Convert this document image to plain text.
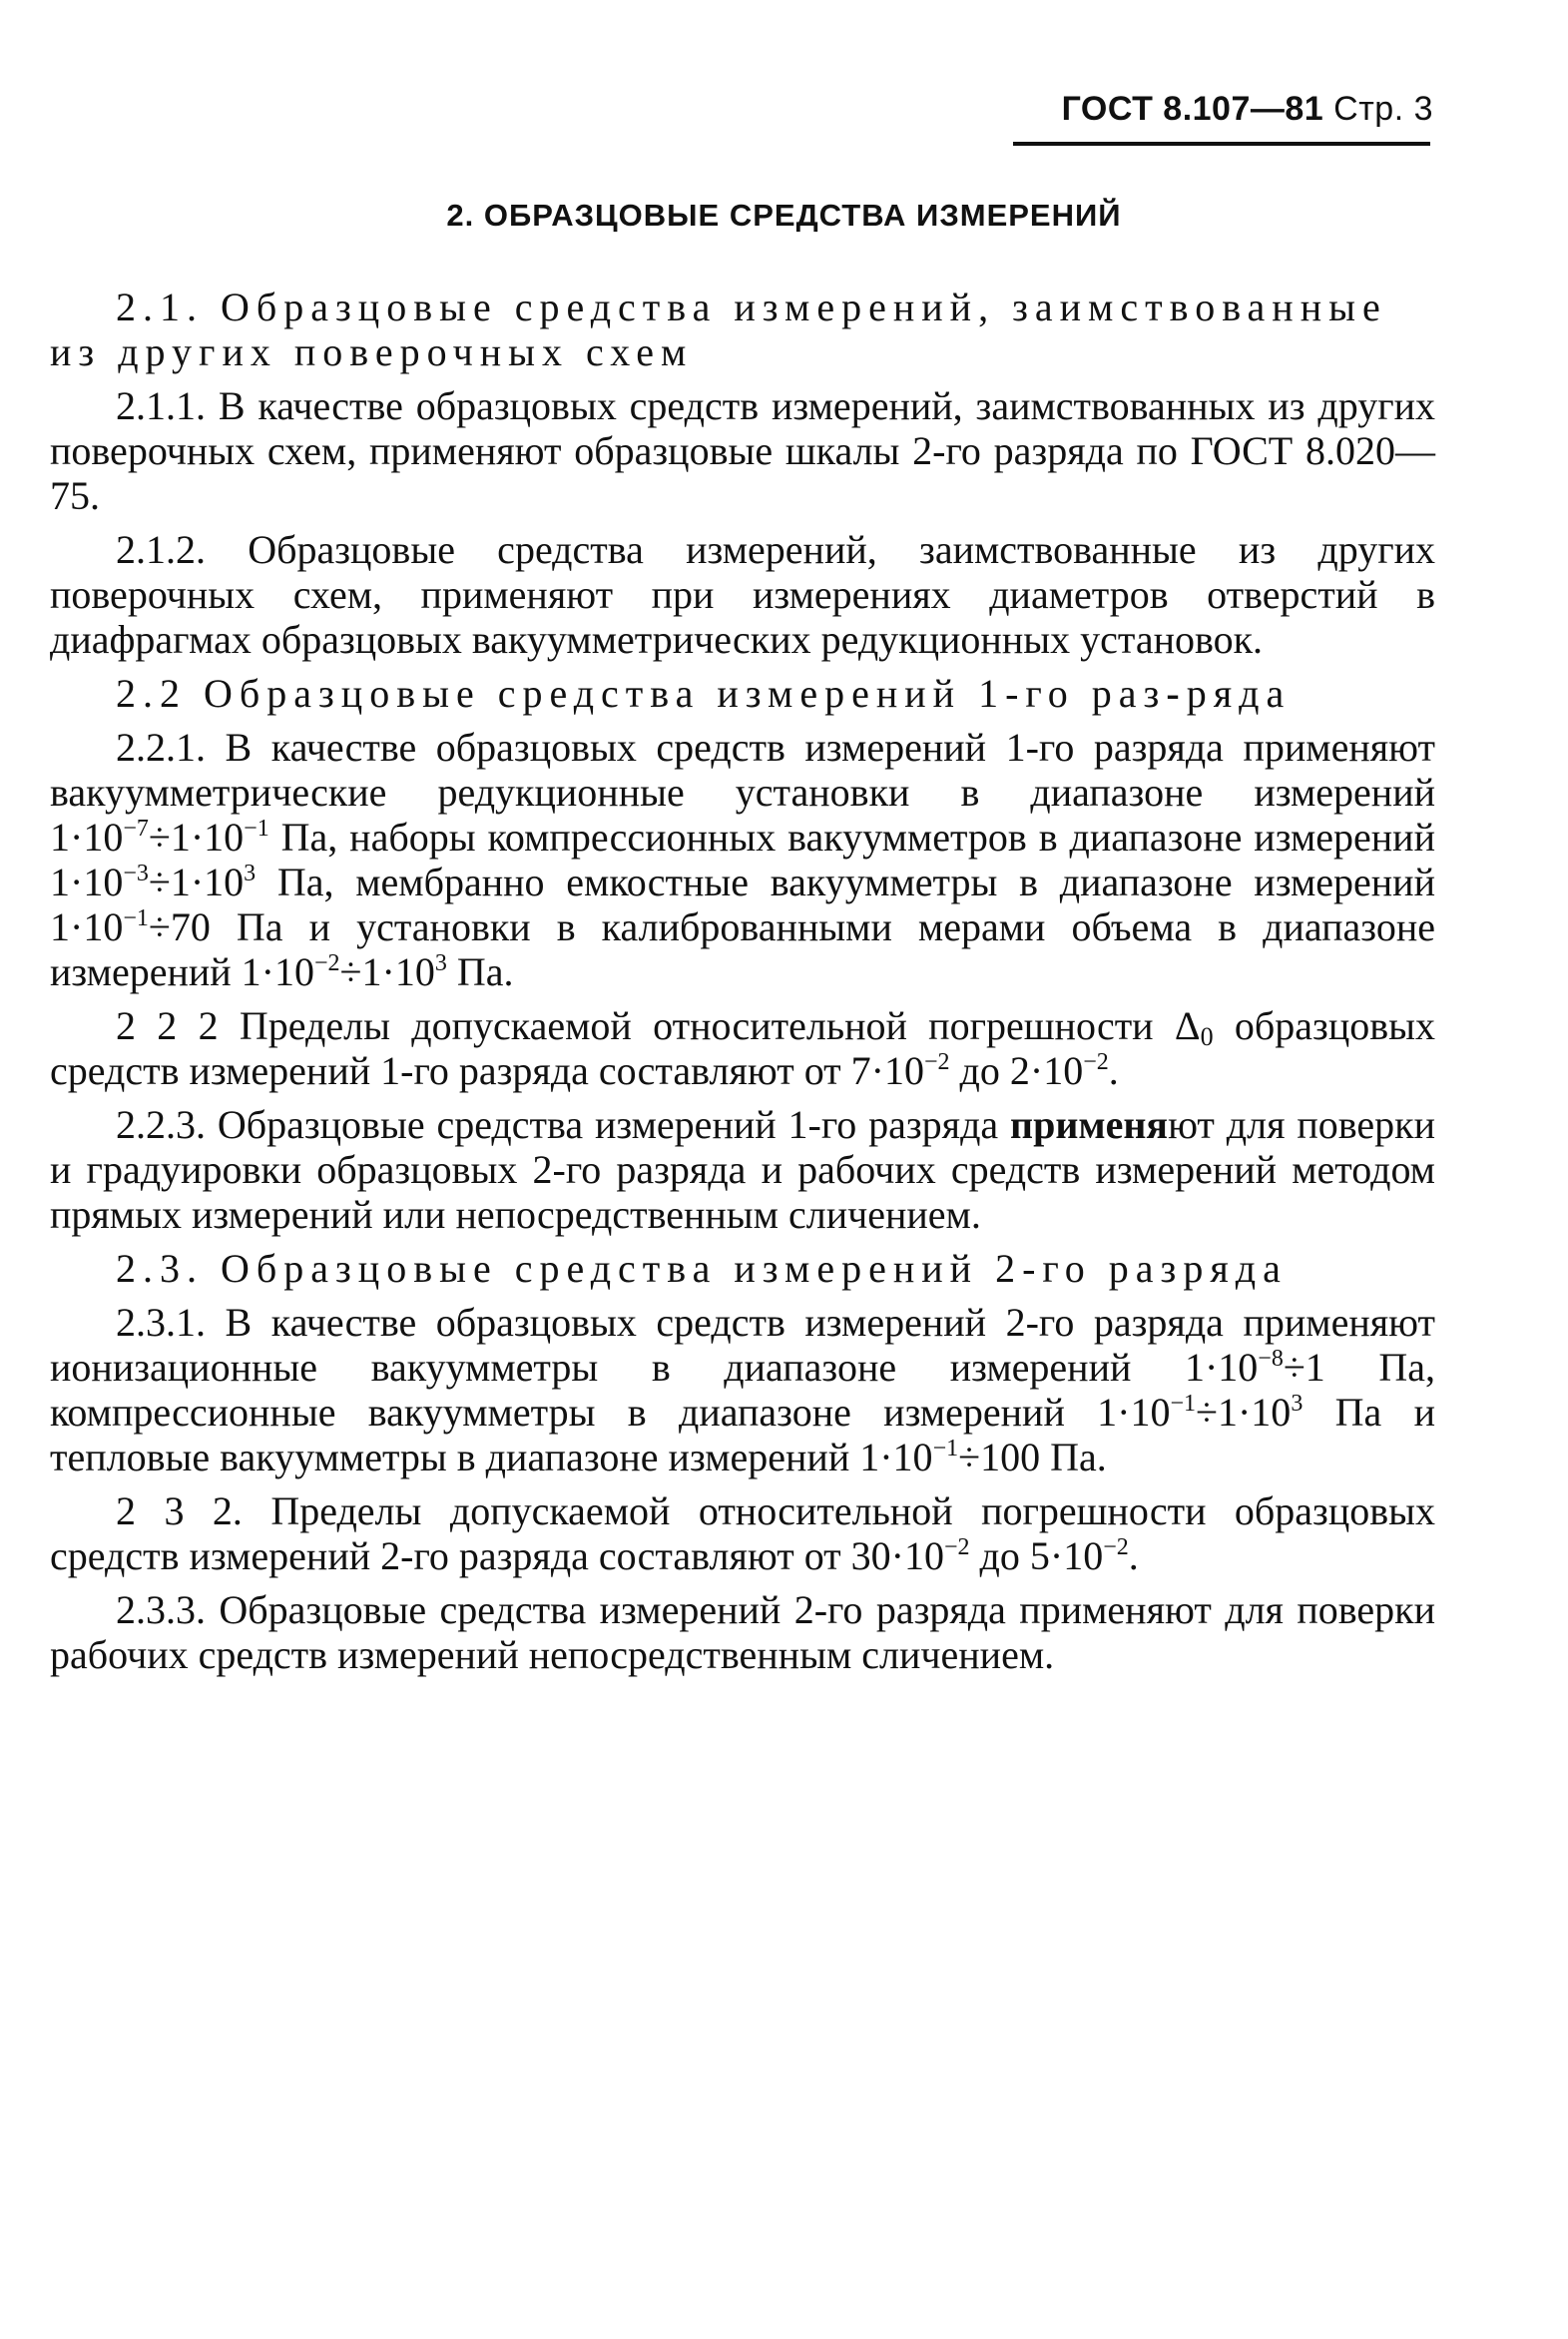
ГОСТ 8.107—81 Стр. 3
2. ОБРАЗЦОВЫЕ СРЕДСТВА ИЗМЕРЕНИЙ

2.1. Образцовые средства измерений, заимствованные из других поверочных схем

2.1.1. В качестве образцовых средств измерений, заимствованных из других поверочных схем, применяют образцовые шкалы 2-го разряда по ГОСТ 8.020—75.

2.1.2. Образцовые средства измерений, заимствованные из других поверочных схем, применяют при измерениях диаметров отверстий в диафрагмах образцовых вакуумметрических редукционных установок.

2.2 Образцовые средства измерений 1-го раз-ряда

2.2.1. В качестве образцовых средств измерений 1-го разряда применяют вакуумметрические редукционные установки в диапазоне измерений $1\cdot 10^{-7}\div 1\cdot 10^{-1}$ Па, наборы компрессионных вакуумметров в диапазоне измерений $1\cdot 10^{-3}\div 1\cdot 10^3$ Па, мембранно емкостные вакуумметры в диапазоне измерений $1\cdot 10^{-1}\div 70$ Па и установки в калиброванными мерами объема в диапазоне измерений $1\cdot 10^{-2}\div 1\cdot 10^3$ Па.

2 2 2 Пределы допускаемой относительной погрешности $\Delta_0$ образцовых средств измерений 1-го разряда составляют от $7\cdot 10^{-2}$ до $2\cdot 10^{-2}$.

2.2.3. Образцовые средства измерений 1-го разряда применяют для поверки и градуировки образцовых 2-го разряда и рабочих средств измерений методом прямых измерений или непосредственным сличением.

2.3. Образцовые средства измерений 2-го разряда

2.3.1. В качестве образцовых средств измерений 2-го разряда применяют ионизационные вакуумметры в диапазоне измерений $1\cdot 10^{-8}\div 1$ Па, компрессионные вакуумметры в диапазоне измерений $1\cdot 10^{-1}\div 1\cdot 10^3$ Па и тепловые вакуумметры в диапазоне измерений $1\cdot 10^{-1}\div 100$ Па.

2 3 2. Пределы допускаемой относительной погрешности образцовых средств измерений 2-го разряда составляют от $30\cdot 10^{-2}$ до $5\cdot 10^{-2}$.

2.3.3. Образцовые средства измерений 2-го разряда применяют для поверки рабочих средств измерений непосредственным сличением.
